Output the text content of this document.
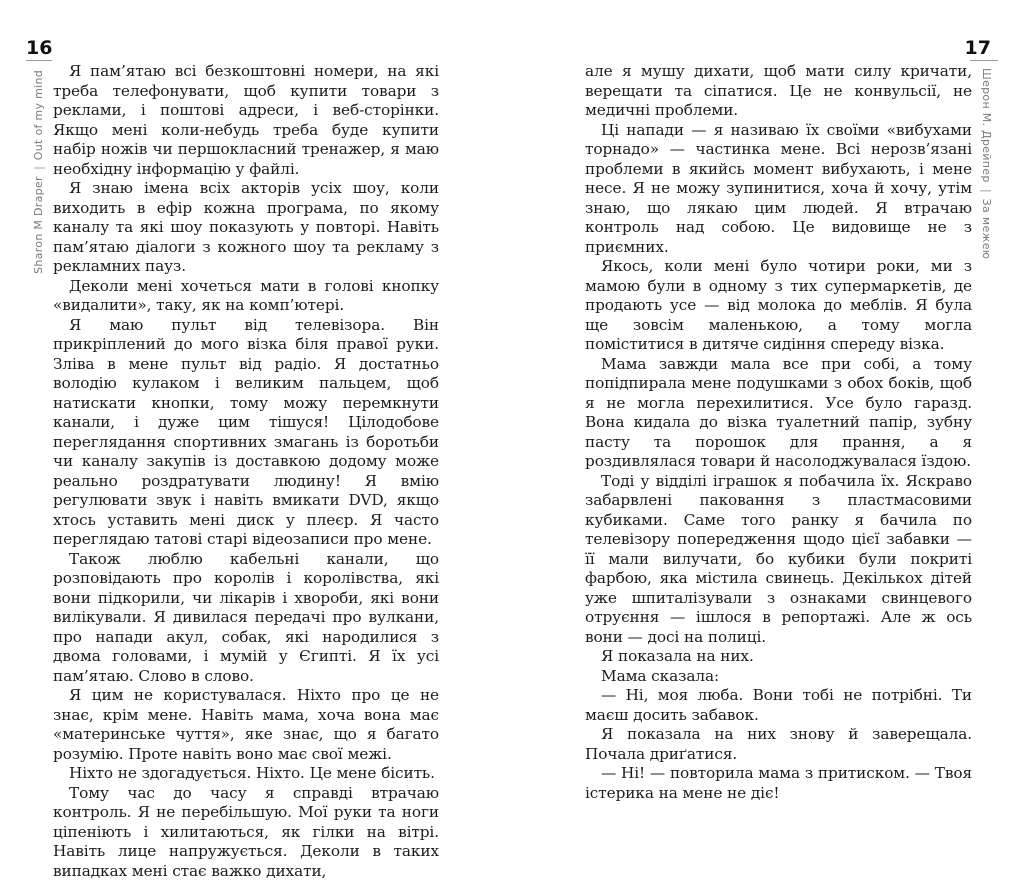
16
Sharon M Draper|Out of my mind	Я пам’ятаю всі безкоштовні номери, на які треба телефонувати, щоб купити товари з реклами, і поштові адреси, і веб-сторінки. Якщо мені коли-небудь треба буде купити набір ножів чи першокласний тренажер, я маю необхідну інформацію у файлі.

Я знаю імена всіх акторів усіх шоу, коли виходить в ефір кожна програма, по якому каналу та які шоу показують у повторі. Навіть пам’ятаю діалоги з кожного шоу та рекламу з рекламних пауз.

Деколи мені хочеться мати в голові кнопку «видалити», таку, як на комп’ютері.

Я маю пульт від телевізора. Він прикріплений до мого візка біля правої руки. Зліва в мене пульт від радіо. Я достатньо володію кулаком і великим пальцем, щоб натискати кнопки, тому можу перемкнути канали, і дуже цим тішуся! Цілодобове переглядання спортивних змагань із боротьби чи каналу закупів із доставкою додому може реально роздратувати людину! Я вмію регулювати звук і навіть вмикати DVD, якщо хтось уставить мені диск у плеєр. Я часто переглядаю татові старі відеозаписи про мене.

Також люблю кабельні канали, що розповідають про королів і королівства, які вони підкорили, чи лікарів і хвороби, які вони вилікували. Я дивилася передачі про вулкани, про напади акул, собак, які народилися з двома головами, і мумій у Єгипті. Я їх усі пам’ятаю. Слово в слово.

Я цим не користувалася. Ніхто про це не знає, крім мене. Навіть мама, хоча вона має «материнське чуття», яке знає, що я багато розумію. Проте навіть воно має свої межі.

Ніхто не здогадується. Ніхто. Це мене бісить.

Тому час до часу я справді втрачаю контроль. Я не перебільшую. Мої руки та ноги ціпеніють і хилитаються, як гілки на вітрі. Навіть лице напружується. Деколи в таких випадках мені стає важко дихати,

17
Шерон М. Дрейпер|За межею

але я мушу дихати, щоб мати силу кричати, верещати та сіпатися. Це не конвульсії, не медичні проблеми.

Ці напади — я називаю їх своїми «вибухами торнадо» — частинка мене. Всі нерозв’язані проблеми в якийсь момент вибухають, і мене несе. Я не можу зупинитися, хоча й хочу, утім знаю, що лякаю цим людей. Я втрачаю контроль над собою. Це видовище не з приємних.

Якось, коли мені було чотири роки, ми з мамою були в одному з тих супермаркетів, де продають усе — від молока до меблів. Я була ще зовсім маленькою, а тому могла поміститися в дитяче сидіння спереду візка.

Мама завжди мала все при собі, а тому попідпирала мене подушками з обох боків, щоб я не могла перехилитися. Усе було гаразд. Вона кидала до візка туалетний папір, зубну пасту та порошок для прання, а я роздивлялася товари й насолоджувалася їздою.

Тоді у відділі іграшок я побачила їх. Яскраво забарвлені паковання з пластмасовими кубиками. Саме того ранку я бачила по телевізору попередження щодо цієї забавки — її мали вилучати, бо кубики були покриті фарбою, яка містила свинець. Декількох дітей уже шпиталізували з ознаками свинцевого отруєння — ішлося в репортажі. Але ж ось вони — досі на полиці.

Я показала на них.

Мама сказала:

— Ні, моя люба. Вони тобі не потрібні. Ти маєш досить забавок.

Я показала на них знову й заверещала. Почала дриґатися.

— Ні! — повторила мама з притиском. — Твоя істерика на мене не діє!
